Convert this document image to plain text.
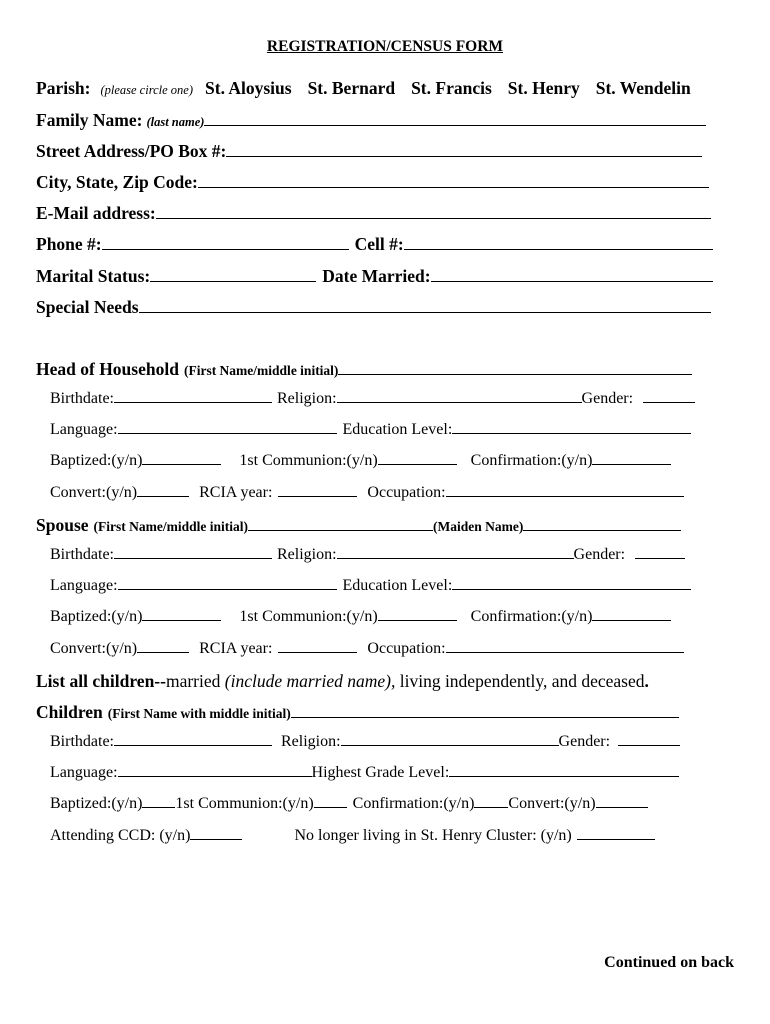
REGISTRATION/CENSUS FORM
Parish: (please circle one) St. Aloysius St. Bernard St. Francis St. Henry St. Wendelin
Family Name: (last name)
Street Address/PO Box #:
City, State, Zip Code:
E-Mail address:
Phone #:	Cell #:
Marital Status:	Date Married:
Special Needs
Head of Household (First Name/middle initial)
Birthdate:	Religion:	Gender:
Language:	Education Level:
Baptized:(y/n)	1st Communion:(y/n)	Confirmation:(y/n)
Convert:(y/n)	RCIA year:	Occupation:
Spouse (First Name/middle initial)	(Maiden Name)
Birthdate:	Religion:	Gender:
Language:	Education Level:
Baptized:(y/n)	1st Communion:(y/n)	Confirmation:(y/n)
Convert:(y/n)	RCIA year:	Occupation:
List all children-- married (include married name), living independently, and deceased .
Children (First Name with middle initial)
Birthdate:	Religion:	Gender:
Language:	Highest Grade Level:
Baptized:(y/n) 1st Communion:(y/n) Confirmation:(y/n) Convert:(y/n)
Attending CCD: (y/n)	No longer living in St. Henry Cluster: (y/n)
Continued on back
